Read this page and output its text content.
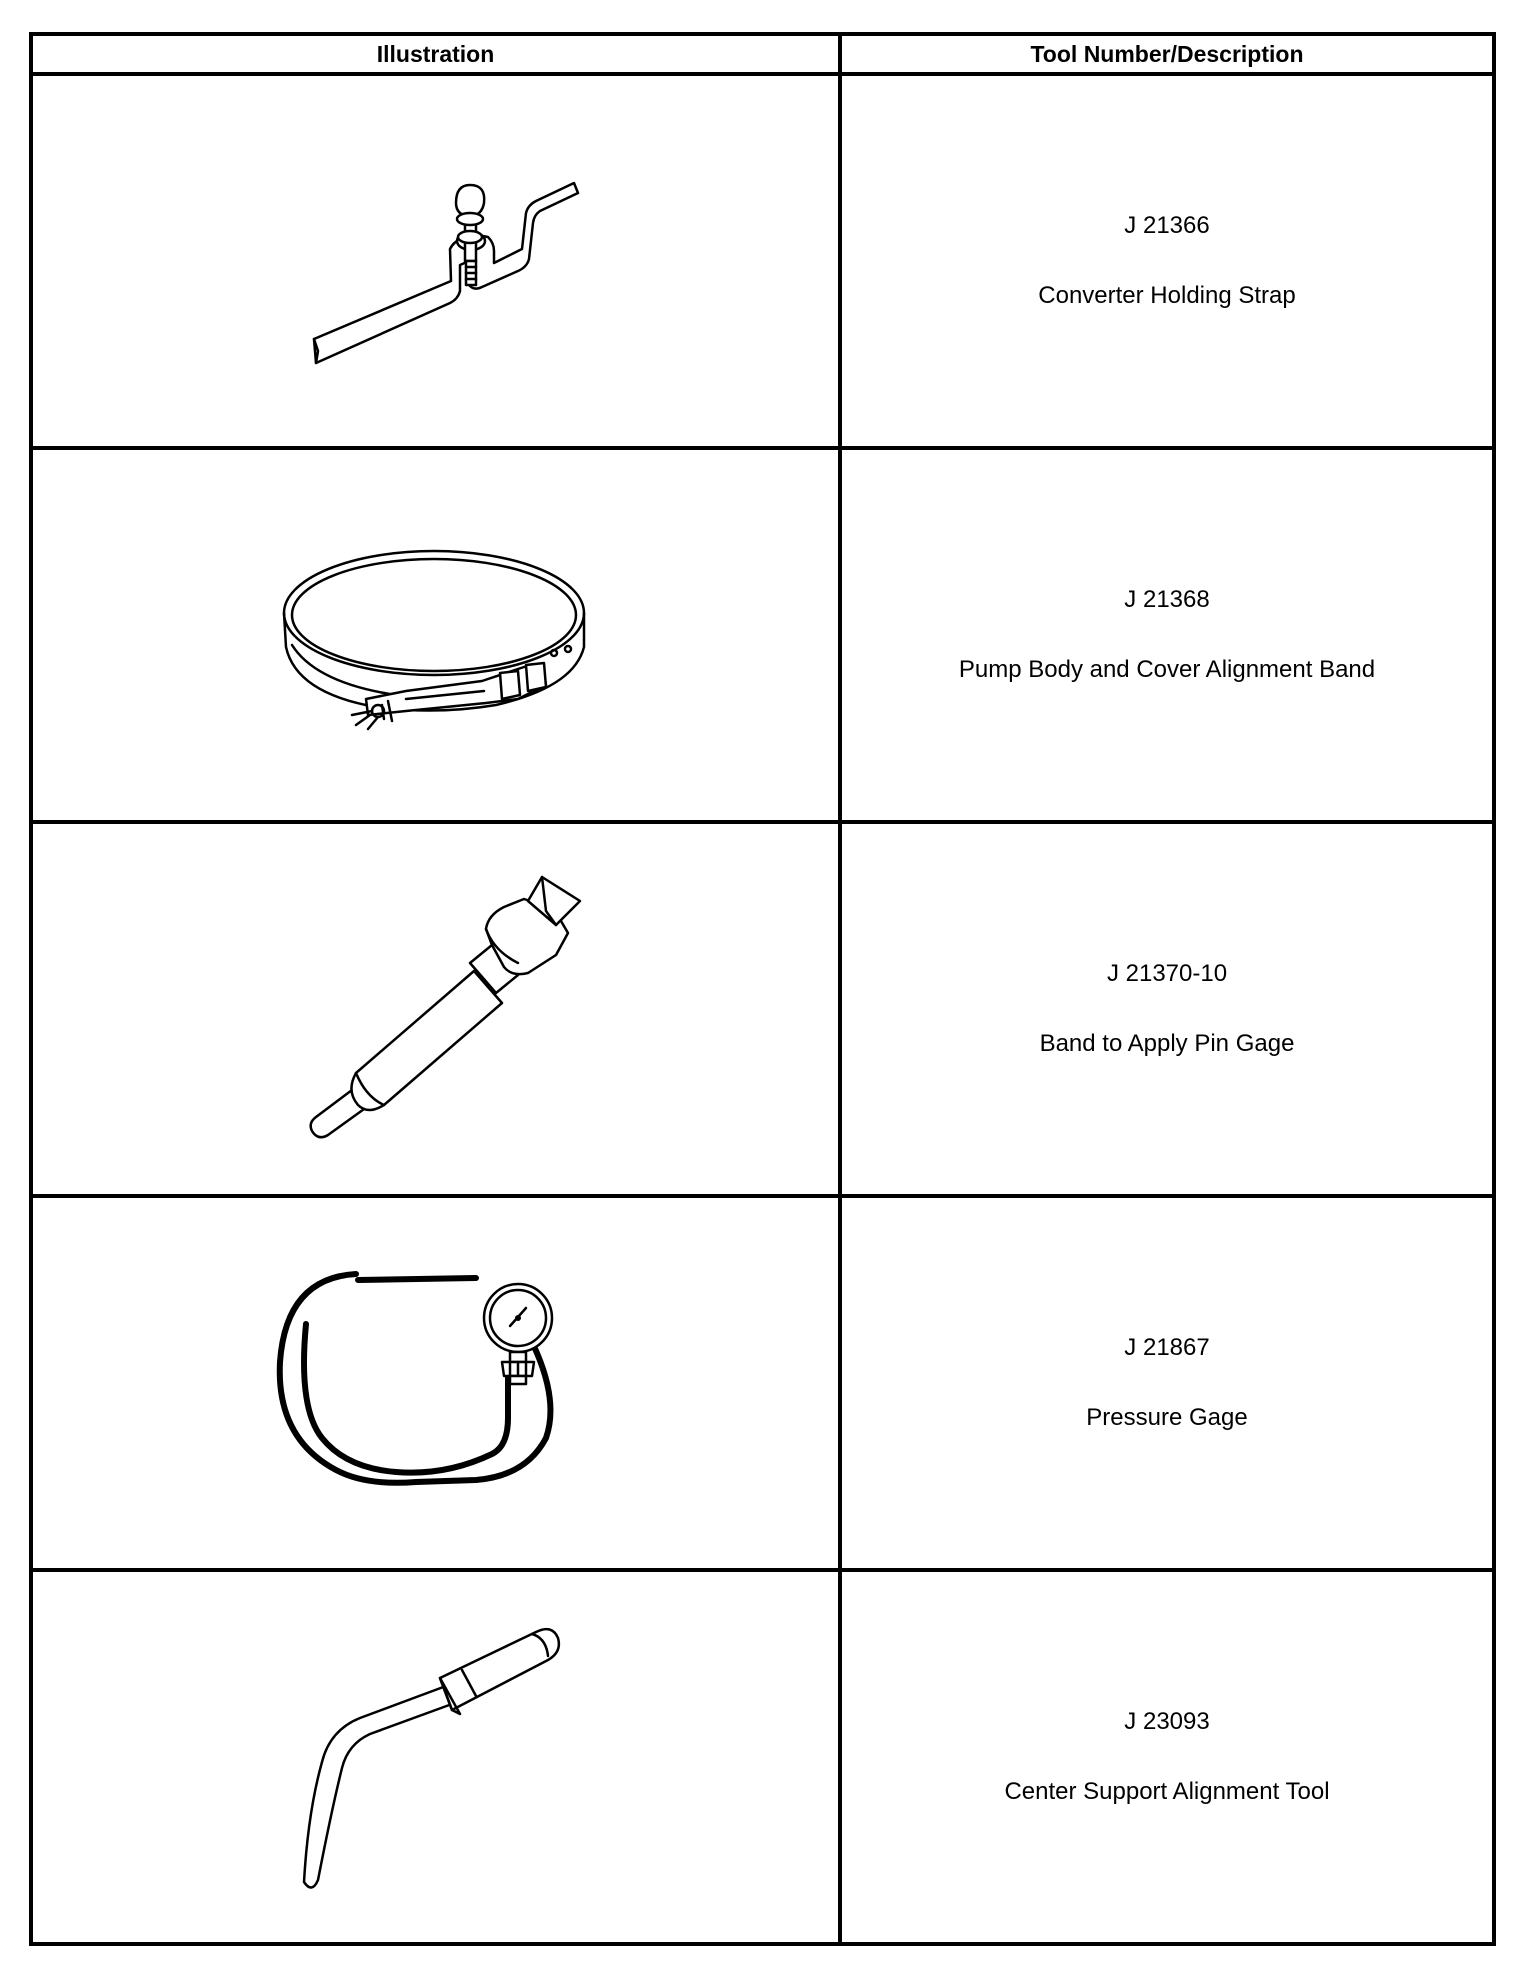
Illustration	Tool Number/Description

J 21366
Converter Holding Strap

J 21368
Pump Body and Cover Alignment Band

J 21370-10
Band to Apply Pin Gage

J 21867
Pressure Gage

J 23093
Center Support Alignment Tool
